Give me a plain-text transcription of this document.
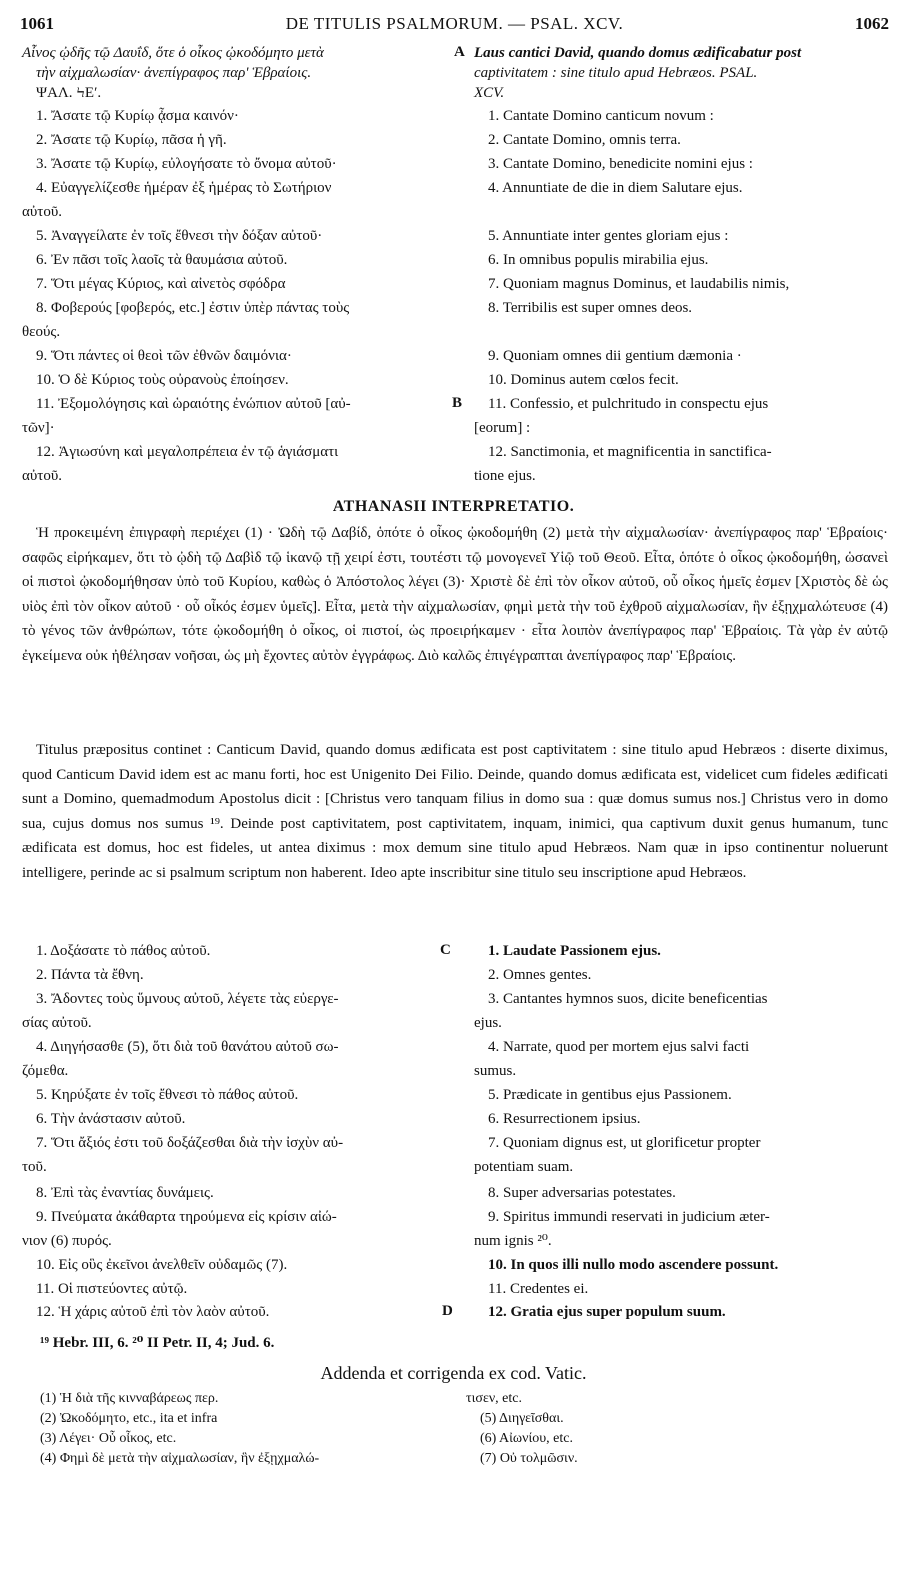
1061	DE TITULIS PSALMORUM. — PSAL. XCV.	1062
Αἶνος ᾠδῆς τῷ Δαυΐδ, ὅτε ὁ οἶκος ᾠκοδόμητο μετὰ
τὴν αἰχμαλωσίαν· ἀνεπίγραφος παρ' Ἑβραίοις.
ΨΑΛ. ϞΕʹ.
1. Ἄσατε τῷ Κυρίῳ ᾆσμα καινόν·
2. Ἄσατε τῷ Κυρίῳ, πᾶσα ἡ γῆ.
3. Ἄσατε τῷ Κυρίῳ, εὐλογήσατε τὸ ὄνομα αὐτοῦ·
4. Εὐαγγελίζεσθε ἡμέραν ἐξ ἡμέρας τὸ Σωτήριον
αὐτοῦ.
5. Ἀναγγείλατε ἐν τοῖς ἔθνεσι τὴν δόξαν αὐτοῦ·
6. Ἐν πᾶσι τοῖς λαοῖς τὰ θαυμάσια αὐτοῦ.
7. Ὅτι μέγας Κύριος, καὶ αἰνετὸς σφόδρα
8. Φοβερούς [φοβερός, etc.] ἐστιν ὑπὲρ πάντας τοὺς
θεούς.
9. Ὅτι πάντες οἱ θεοὶ τῶν ἐθνῶν δαιμόνια·
10. Ὁ δὲ Κύριος τοὺς οὐρανοὺς ἐποίησεν.
11. Ἐξομολόγησις καὶ ὡραιότης ἐνώπιον αὐτοῦ [αὐ-
τῶν]·
12. Ἁγιωσύνη καὶ μεγαλοπρέπεια ἐν τῷ ἁγιάσματι
αὐτοῦ.
A
B
Laus cantici David, quando domus ædificabatur post
captivitatem : sine titulo apud Hebræos. PSAL.
XCV.
1. Cantate Domino canticum novum :
2. Cantate Domino, omnis terra.
3. Cantate Domino, benedicite nomini ejus :
4. Annuntiate de die in diem Salutare ejus.
5. Annuntiate inter gentes gloriam ejus :
6. In omnibus populis mirabilia ejus.
7. Quoniam magnus Dominus, et laudabilis nimis,
8. Terribilis est super omnes deos.
9. Quoniam omnes dii gentium dæmonia ·
10. Dominus autem cœlos fecit.
11. Confessio, et pulchritudo in conspectu ejus
[eorum] :
12. Sanctimonia, et magnificentia in sanctifica-
tione ejus.
ATHANASII INTERPRETATIO.

Ἡ προκειμένη ἐπιγραφὴ περιέχει (1) · Ὠδὴ τῷ Δαβίδ, ὁπότε ὁ οἶκος ᾠκοδομήθη (2) μετὰ τὴν αἰχμαλωσίαν· ἀνεπίγραφος παρ' Ἑβραίοις· σαφῶς εἰρήκαμεν, ὅτι τὸ ᾠδὴ τῷ Δαβὶδ τῷ ἱκανῷ τῇ χειρί ἐστι, τουτέστι τῷ μονογενεῖ Υἱῷ τοῦ Θεοῦ. Εἶτα, ὁπότε ὁ οἶκος ᾠκοδομήθη, ὡσανεὶ οἱ πιστοὶ ᾠκοδομήθησαν ὑπὸ τοῦ Κυρίου, καθὼς ὁ Ἀπόστολος λέγει (3)· Χριστὲ δὲ ἐπὶ τὸν οἶκον αὐτοῦ, οὗ οἶκος ἡμεῖς ἐσμεν [Χριστὸς δὲ ὡς υἱὸς ἐπὶ τὸν οἶκον αὐτοῦ · οὗ οἶκός ἐσμεν ὑμεῖς]. Εἶτα, μετὰ τὴν αἰχμαλωσίαν, φημὶ μετὰ τὴν τοῦ ἐχθροῦ αἰχμαλωσίαν, ἣν ἐξῃχμαλώτευσε (4) τὸ γένος τῶν ἀνθρώπων, τότε ᾠκοδομήθη ὁ οἶκος, οἱ πιστοί, ὡς προειρήκαμεν · εἶτα λοιπὸν ἀνεπίγραφος παρ' Ἑβραίοις. Τὰ γὰρ ἐν αὐτῷ ἐγκείμενα οὐκ ἠθέλησαν νοῆσαι, ὡς μὴ ἔχοντες αὐτὸν ἐγγράφως. Διὸ καλῶς ἐπιγέγραπται ἀνεπίγραφος παρ' Ἑβραίοις.

Titulus præpositus continet : Canticum David, quando domus ædificata est post captivitatem : sine titulo apud Hebræos : diserte diximus, quod Canticum David idem est ac manu forti, hoc est Unigenito Dei Filio. Deinde, quando domus ædificata est, videlicet cum fideles ædificati sunt a Domino, quemadmodum Apostolus dicit : [Christus vero tanquam filius in domo sua : quæ domus sumus nos.] Christus vero in domo sua, cujus domus nos sumus ¹⁹. Deinde post captivitatem, post captivitatem, inquam, inimici, qua captivum duxit genus humanum, tunc ædificata est domus, hoc est fideles, ut antea diximus : mox demum sine titulo apud Hebræos. Nam quæ in ipso continentur noluerunt intelligere, perinde ac si psalmum scriptum non haberent. Ideo apte inscribitur sine titulo seu inscriptione apud Hebræos.

C
D
1. Δοξάσατε τὸ πάθος αὐτοῦ.
2. Πάντα τὰ ἔθνη.
3. Ἄδοντες τοὺς ὕμνους αὐτοῦ, λέγετε τὰς εὐεργε-
σίας αὐτοῦ.
4. Διηγήσασθε (5), ὅτι διὰ τοῦ θανάτου αὐτοῦ σω-
ζόμεθα.
5. Κηρύξατε ἐν τοῖς ἔθνεσι τὸ πάθος αὐτοῦ.
6. Τὴν ἀνάστασιν αὐτοῦ.
7. Ὅτι ἄξιός ἐστι τοῦ δοξάζεσθαι διὰ τὴν ἰσχὺν αὐ-
τοῦ.
8. Ἐπὶ τὰς ἐναντίας δυνάμεις.
9. Πνεύματα ἀκάθαρτα τηρούμενα εἰς κρίσιν αἰώ-
νιον (6) πυρός.
10. Εἰς οὓς ἐκεῖνοι ἀνελθεῖν οὐδαμῶς (7).
11. Οἱ πιστεύοντες αὐτῷ.
12. Ἡ χάρις αὐτοῦ ἐπὶ τὸν λαὸν αὐτοῦ.
1. Laudate Passionem ejus.
2. Omnes gentes.
3. Cantantes hymnos suos, dicite beneficentias
ejus.
4. Narrate, quod per mortem ejus salvi facti
sumus.
5. Prædicate in gentibus ejus Passionem.
6. Resurrectionem ipsius.
7. Quoniam dignus est, ut glorificetur propter
potentiam suam.
8. Super adversarias potestates.
9. Spiritus immundi reservati in judicium æter-
num ignis ²⁰.
10. In quos illi nullo modo ascendere possunt.
11. Credentes ei.
12. Gratia ejus super populum suum.
¹⁹ Hebr. III, 6. ²⁰ II Petr. II, 4; Jud. 6.
Addenda et corrigenda ex cod. Vatic.
(1) Ἡ διὰ τῆς κινναβάρεως περ.
(2) Ὠκοδόμητο, etc., ita et infra
(3) Λέγει· Οὗ οἶκος, etc.
(4) Φημὶ δὲ μετὰ τὴν αἰχμαλωσίαν, ἣν ἐξῃχμαλώ-
τισεν, etc.
(5) Διηγεῖσθαι.
(6) Αἰωνίου, etc.
(7) Οὐ τολμῶσιν.
